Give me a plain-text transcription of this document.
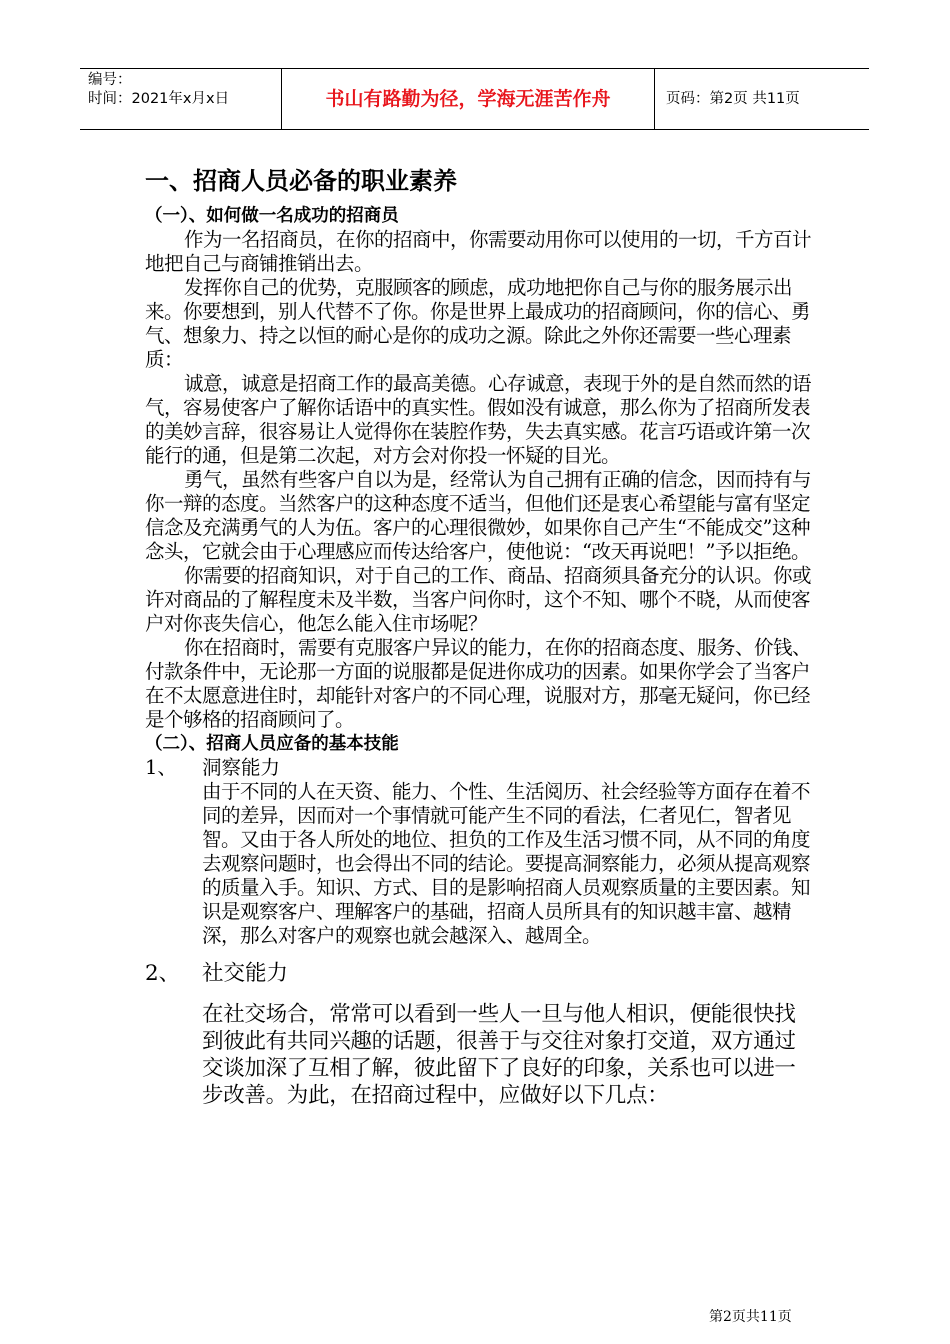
编号：
时间：2021年x月x日	书山有路勤为径，学海无涯苦作舟	页码：第2页 共11页
一、招商人员必备的职业素养
（一）、如何做一名成功的招商员

作为一名招商员，在你的招商中，你需要动用你可以使用的一切，千方百计地把自己与商铺推销出去。

发挥你自己的优势，克服顾客的顾虑，成功地把你自己与你的服务展示出来。你要想到，别人代替不了你。你是世界上最成功的招商顾问，你的信心、勇气、想象力、持之以恒的耐心是你的成功之源。除此之外你还需要一些心理素质：

诚意，诚意是招商工作的最高美德。心存诚意，表现于外的是自然而然的语气，容易使客户了解你话语中的真实性。假如没有诚意，那么你为了招商所发表的美妙言辞，很容易让人觉得你在装腔作势，失去真实感。花言巧语或许第一次能行的通，但是第二次起，对方会对你投一怀疑的目光。

勇气，虽然有些客户自以为是，经常认为自己拥有正确的信念，因而持有与你一辩的态度。当然客户的这种态度不适当，但他们还是衷心希望能与富有坚定信念及充满勇气的人为伍。客户的心理很微妙，如果你自己产生“不能成交”这种念头，它就会由于心理感应而传达给客户，使他说：“改天再说吧！”予以拒绝。

你需要的招商知识，对于自己的工作、商品、招商须具备充分的认识。你或许对商品的了解程度未及半数，当客户问你时，这个不知、哪个不晓，从而使客户对你丧失信心，他怎么能入住市场呢？

你在招商时，需要有克服客户异议的能力，在你的招商态度、服务、价钱、付款条件中，无论那一方面的说服都是促进你成功的因素。如果你学会了当客户在不太愿意进住时，却能针对客户的不同心理，说服对方，那毫无疑问，你已经是个够格的招商顾问了。

（二）、招商人员应备的基本技能
1、	洞察能力
由于不同的人在天资、能力、个性、生活阅历、社会经验等方面存在着不同的差异，因而对一个事情就可能产生不同的看法，仁者见仁，智者见智。又由于各人所处的地位、担负的工作及生活习惯不同，从不同的角度去观察问题时，也会得出不同的结论。要提高洞察能力，必须从提高观察的质量入手。知识、方式、目的是影响招商人员观察质量的主要因素。知识是观察客户、理解客户的基础，招商人员所具有的知识越丰富、越精深，那么对客户的观察也就会越深入、越周全。
2、	社交能力
在社交场合，常常可以看到一些人一旦与他人相识，便能很快找到彼此有共同兴趣的话题，很善于与交往对象打交道，双方通过交谈加深了互相了解，彼此留下了良好的印象，关系也可以进一步改善。为此，在招商过程中，应做好以下几点：
第2页共11页
